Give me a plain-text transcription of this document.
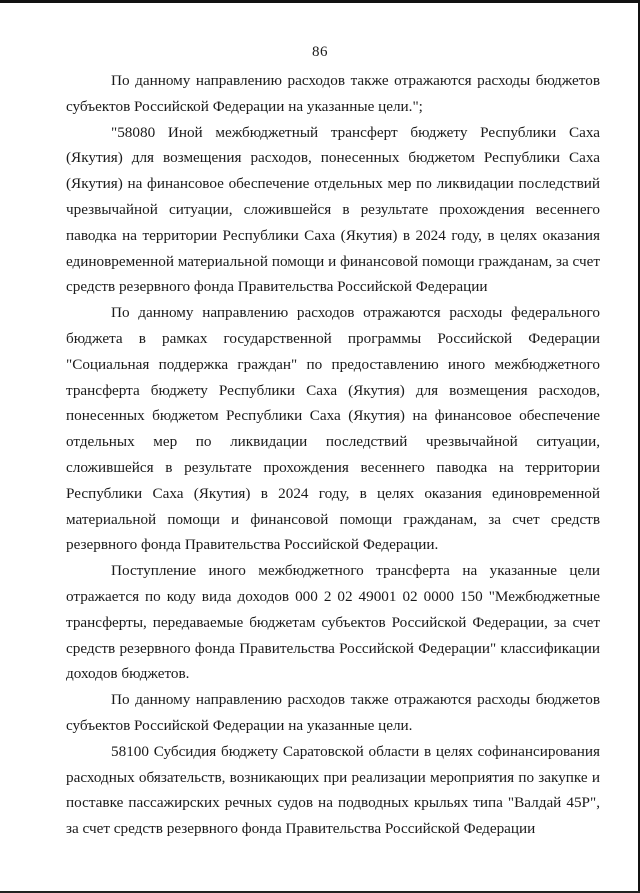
86

По данному направлению расходов также отражаются расходы бюджетов субъектов Российской Федерации на указанные цели.";

"58080 Иной межбюджетный трансферт бюджету Республики Саха (Якутия) для возмещения расходов, понесенных бюджетом Республики Саха (Якутия) на финансовое обеспечение отдельных мер по ликвидации последствий чрезвычайной ситуации, сложившейся в результате прохождения весеннего паводка на территории Республики Саха (Якутия) в 2024 году, в целях оказания единовременной материальной помощи и финансовой помощи гражданам, за счет средств резервного фонда Правительства Российской Федерации

По данному направлению расходов отражаются расходы федерального бюджета в рамках государственной программы Российской Федерации "Социальная поддержка граждан" по предоставлению иного межбюджетного трансферта бюджету Республики Саха (Якутия) для возмещения расходов, понесенных бюджетом Республики Саха (Якутия) на финансовое обеспечение отдельных мер по ликвидации последствий чрезвычайной ситуации, сложившейся в результате прохождения весеннего паводка на территории Республики Саха (Якутия) в 2024 году, в целях оказания единовременной материальной помощи и финансовой помощи гражданам, за счет средств резервного фонда Правительства Российской Федерации.

Поступление иного межбюджетного трансферта на указанные цели отражается по коду вида доходов 000 2 02 49001 02 0000 150 "Межбюджетные трансферты, передаваемые бюджетам субъектов Российской Федерации, за счет средств резервного фонда Правительства Российской Федерации" классификации доходов бюджетов.

По данному направлению расходов также отражаются расходы бюджетов субъектов Российской Федерации на указанные цели.

58100 Субсидия бюджету Саратовской области в целях софинансирования расходных обязательств, возникающих при реализации мероприятия по закупке и поставке пассажирских речных судов на подводных крыльях типа "Валдай 45Р", за счет средств резервного фонда Правительства Российской Федерации
